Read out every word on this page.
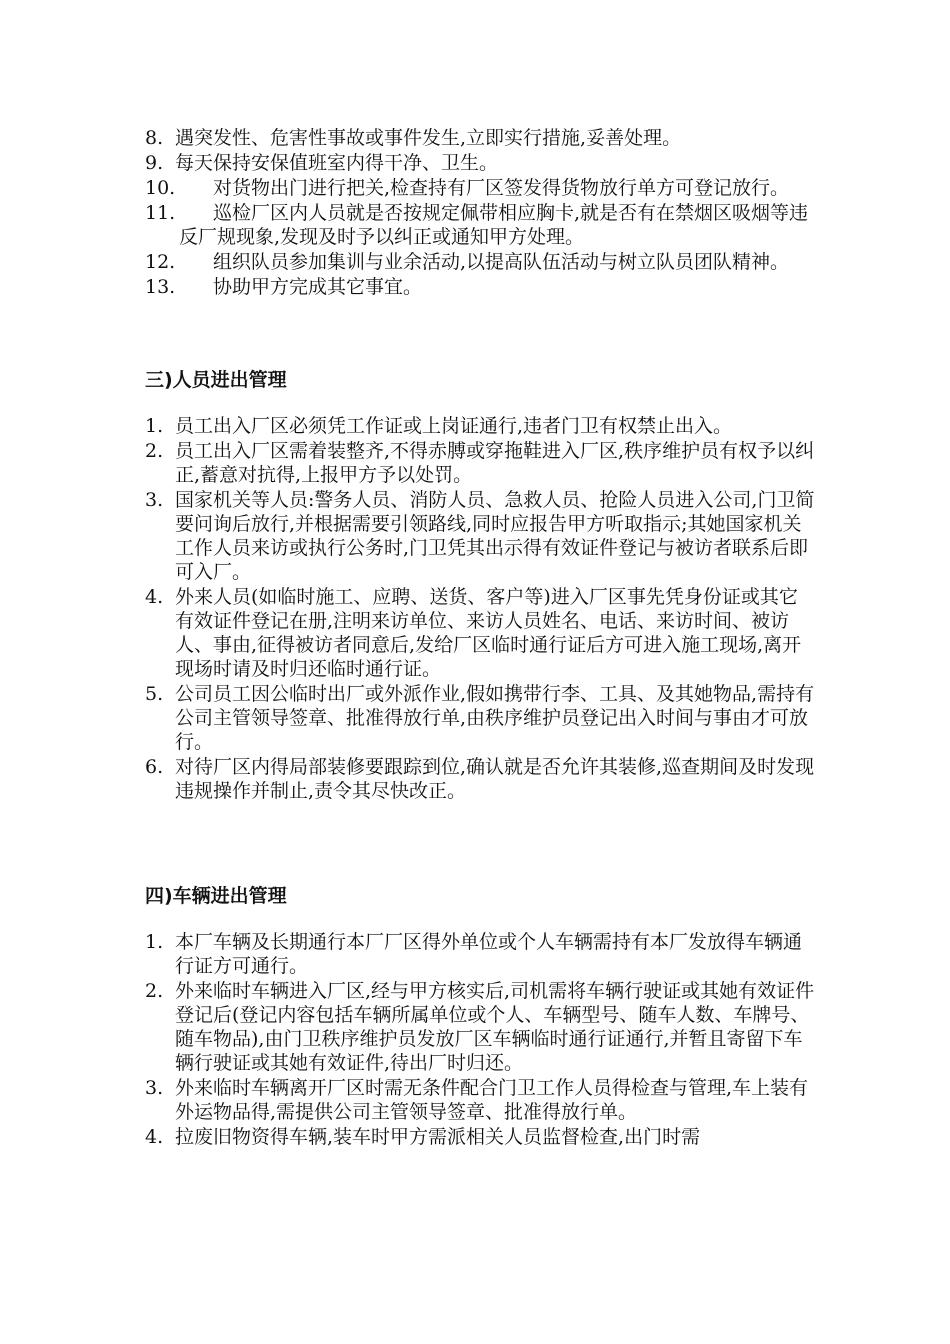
8. 遇突发性、危害性事故或事件发生,立即实行措施,妥善处理。
9. 每天保持安保值班室内得干净、卫生。
10. 对货物出门进行把关,检查持有厂区签发得货物放行单方可登记放行。
11. 巡检厂区内人员就是否按规定佩带相应胸卡,就是否有在禁烟区吸烟等违反厂规现象,发现及时予以纠正或通知甲方处理。
12. 组织队员参加集训与业余活动,以提高队伍活动与树立队员团队精神。
13. 协助甲方完成其它事宜。
三)人员进出管理
1. 员工出入厂区必须凭工作证或上岗证通行,违者门卫有权禁止出入。
2. 员工出入厂区需着装整齐,不得赤膊或穿拖鞋进入厂区,秩序维护员有权予以纠正,蓄意对抗得,上报甲方予以处罚。
3. 国家机关等人员:警务人员、消防人员、急救人员、抢险人员进入公司,门卫简要问询后放行,并根据需要引领路线,同时应报告甲方听取指示;其她国家机关工作人员来访或执行公务时,门卫凭其出示得有效证件登记与被访者联系后即可入厂。
4. 外来人员(如临时施工、应聘、送货、客户等)进入厂区事先凭身份证或其它有效证件登记在册,注明来访单位、来访人员姓名、电话、来访时间、被访人、事由,征得被访者同意后,发给厂区临时通行证后方可进入施工现场,离开现场时请及时归还临时通行证。
5. 公司员工因公临时出厂或外派作业,假如携带行李、工具、及其她物品,需持有公司主管领导签章、批准得放行单,由秩序维护员登记出入时间与事由才可放行。
6. 对待厂区内得局部装修要跟踪到位,确认就是否允许其装修,巡查期间及时发现违规操作并制止,责令其尽快改正。
四)车辆进出管理
1. 本厂车辆及长期通行本厂厂区得外单位或个人车辆需持有本厂发放得车辆通行证方可通行。
2. 外来临时车辆进入厂区,经与甲方核实后,司机需将车辆行驶证或其她有效证件登记后(登记内容包括车辆所属单位或个人、车辆型号、随车人数、车牌号、随车物品),由门卫秩序维护员发放厂区车辆临时通行证通行,并暂且寄留下车辆行驶证或其她有效证件,待出厂时归还。
3. 外来临时车辆离开厂区时需无条件配合门卫工作人员得检查与管理,车上装有外运物品得,需提供公司主管领导签章、批准得放行单。
4. 拉废旧物资得车辆,装车时甲方需派相关人员监督检查,出门时需
